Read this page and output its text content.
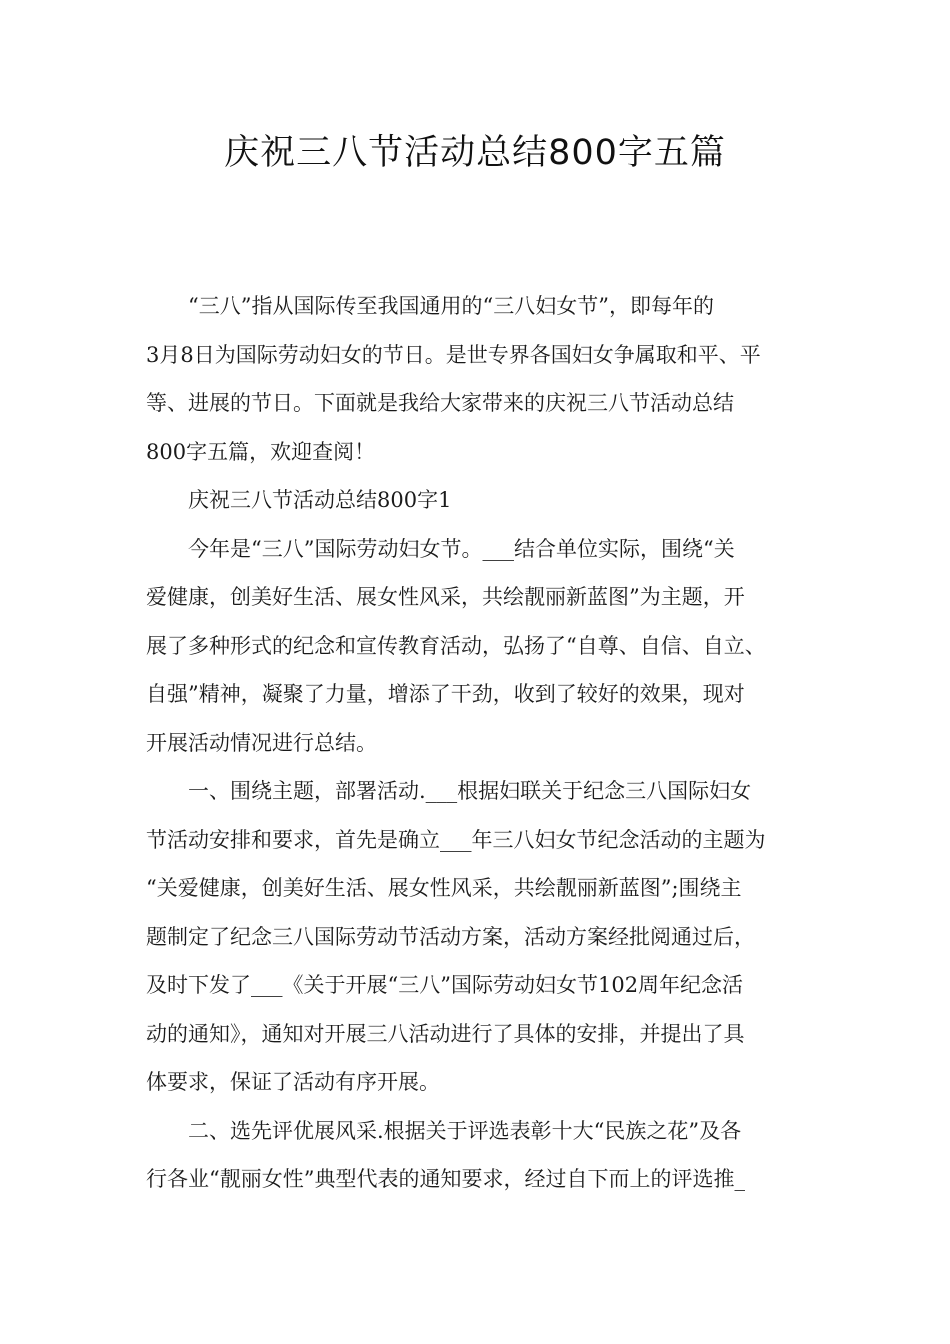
庆祝三八节活动总结800字五篇
“三八”指从国际传至我国通用的“三八妇女节”，即每年的
3月8日为国际劳动妇女的节日。是世专界各国妇女争属取和平、平
等、进展的节日。下面就是我给大家带来的庆祝三八节活动总结
800字五篇，欢迎查阅！
庆祝三八节活动总结800字1
今年是“三八”国际劳动妇女节。___结合单位实际，围绕“关
爱健康，创美好生活、展女性风采，共绘靓丽新蓝图”为主题，开
展了多种形式的纪念和宣传教育活动，弘扬了“自尊、自信、自立、
自强”精神，凝聚了力量，增添了干劲，收到了较好的效果，现对
开展活动情况进行总结。
一、围绕主题，部署活动.___根据妇联关于纪念三八国际妇女
节活动安排和要求，首先是确立___年三八妇女节纪念活动的主题为
“关爱健康，创美好生活、展女性风采，共绘靓丽新蓝图”;围绕主
题制定了纪念三八国际劳动节活动方案，活动方案经批阅通过后，
及时下发了___《关于开展“三八”国际劳动妇女节102周年纪念活
动的通知》，通知对开展三八活动进行了具体的安排，并提出了具
体要求，保证了活动有序开展。
二、选先评优展风采.根据关于评选表彰十大“民族之花”及各
行各业“靓丽女性”典型代表的通知要求，经过自下而上的评选推_
